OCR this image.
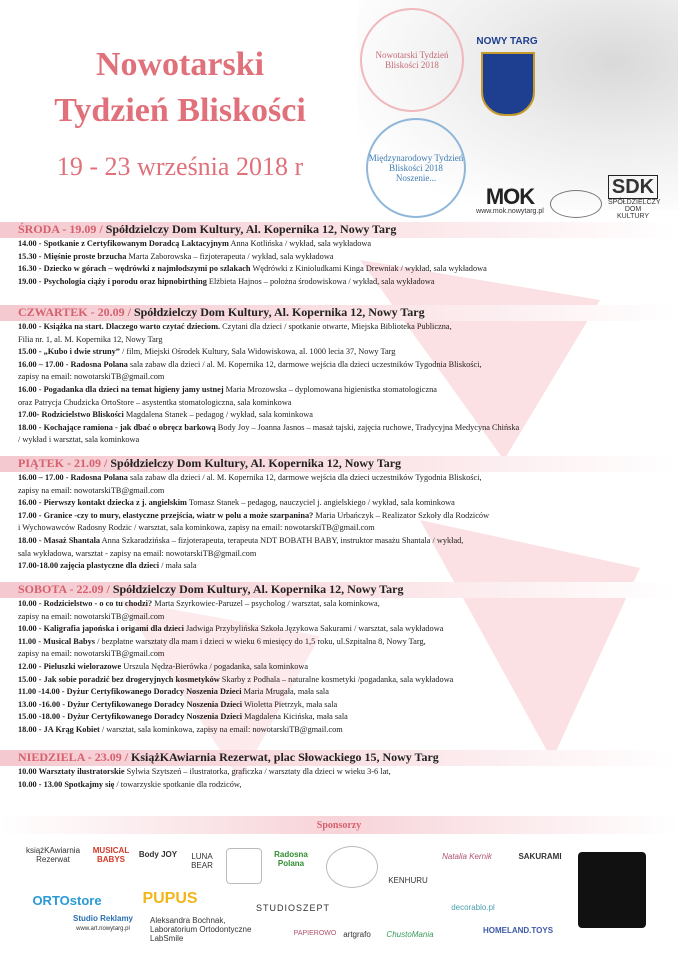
Nowotarski
Tydzień Bliskości
19 - 23 września 2018 r
Nowotarski Tydzień Bliskości 2018
Międzynarodowy Tydzień Bliskości 2018 Noszenie...
NOWY TARG
MOK
www.mok.nowytarg.pl
SDK
SPÓŁDZIELCZY DOM KULTURY
ŚRODA - 19.09 / Spółdzielczy Dom Kultury, Al. Kopernika 12, Nowy Targ
14.00 - Spotkanie z Certyfikowanym Doradcą Laktacyjnym Anna Kotlińska / wykład, sala wykładowa
15.30 - Mięśnie proste brzucha Marta Zaborowska – fizjoterapeuta / wykład, sala wykładowa
16.30 - Dziecko w górach – wędrówki z najmłodszymi po szlakach Wędrówki z Kinioludkami Kinga Drewniak / wykład, sala wykładowa
19.00 - Psychologia ciąży i porodu oraz hipnobirthing Elżbieta Hajnos – położna środowiskowa / wykład, sala wykładowa
CZWARTEK - 20.09 / Spółdzielczy Dom Kultury, Al. Kopernika 12, Nowy Targ
10.00 - Książka na start. Dlaczego warto czytać dzieciom. Czytani dla dzieci / spotkanie otwarte, Miejska Biblioteka Publiczna,
Filia nr. 1, al. M. Kopernika 12, Nowy Targ
15.00 - „Kubo i dwie struny” / film, Miejski Ośrodek Kultury, Sala Widowiskowa, al. 1000 lecia 37, Nowy Targ
16.00 – 17.00 - Radosna Polana sala zabaw dla dzieci / al. M. Kopernika 12, darmowe wejścia dla dzieci uczestników Tygodnia Bliskości,
zapisy na email: nowotarskiTB@gmail.com
16.00 - Pogadanka dla dzieci na temat higieny jamy ustnej Maria Mrozowska – dyplomowana higienistka stomatologiczna
oraz Patrycja Chudzicka OrtoStore – asystentka stomatologiczna, sala kominkowa
17.00- Rodzicielstwo Bliskości Magdalena Stanek – pedagog / wykład, sala kominkowa
18.00 - Kochające ramiona - jak dbać o obręcz barkową Body Joy – Joanna Jasnos – masaż tajski, zajęcia ruchowe, Tradycyjna Medycyna Chińska
/ wykład i warsztat, sala kominkowa
PIĄTEK - 21.09 / Spółdzielczy Dom Kultury, Al. Kopernika 12, Nowy Targ
16.00 – 17.00 - Radosna Polana sala zabaw dla dzieci / al. M. Kopernika 12, darmowe wejścia dla dzieci uczestników Tygodnia Bliskości,
zapisy na email: nowotarskiTB@gmail.com
16.00 - Pierwszy kontakt dziecka z j. angielskim Tomasz Stanek – pedagog, nauczyciel j. angielskiego / wykład, sala kominkowa
17.00 - Granice -czy to mury, elastyczne przejścia, wiatr w polu a może szarpanina? Maria Urbańczyk – Realizator Szkoły dla Rodziców
i Wychowawców Radosny Rodzic / warsztat, sala kominkowa, zapisy na email: nowotarskiTB@gmail.com
18.00 - Masaż Shantala Anna Szkaradzińska – fizjoterapeuta, terapeuta NDT BOBATH BABY, instruktor masażu Shantala / wykład,
sala wykładowa, warsztat - zapisy na email: nowotarskiTB@gmail.com
17.00-18.00 zajęcia plastyczne dla dzieci / mała sala
SOBOTA - 22.09 / Spółdzielczy Dom Kultury, Al. Kopernika 12, Nowy Targ
10.00 - Rodzicielstwo - o co tu chodzi? Marta Szyrkowiec-Paruzel – psycholog / warsztat, sala kominkowa,
zapisy na email: nowotarskiTB@gmail.com
10.00 - Kaligrafia japońska i origami dla dzieci Jadwiga Przybylińska Szkoła Językowa Sakurami / warsztat, sala wykładowa
11.00 - Musical Babys / bezpłatne warsztaty dla mam i dzieci w wieku 6 miesięcy do 1,5 roku, ul.Szpitalna 8, Nowy Targ,
zapisy na email: nowotarskiTB@gmail.com
12.00 - Pieluszki wielorazowe Urszula Nędza-Bierówka / pogadanka, sala kominkowa
15.00 - Jak sobie poradzić bez drogeryjnych kosmetyków Skarby z Podhala – naturalne kosmetyki /pogadanka, sala wykładowa
11.00 -14.00 - Dyżur Certyfikowanego Doradcy Noszenia Dzieci Maria Mrugała, mała sala
13.00 -16.00 - Dyżur Certyfikowanego Doradcy Noszenia Dzieci Wioletta Pietrzyk, mała sala
15.00 -18.00 - Dyżur Certyfikowanego Doradcy Noszenia Dzieci Magdalena Kicińska, mała sala
18.00 - JA Krąg Kobiet / warsztat, sala kominkowa, zapisy na email: nowotarskiTB@gmail.com
NIEDZIELA - 23.09 / KsiążKAwiarnia Rezerwat, plac Słowackiego 15, Nowy Targ
10.00 Warsztaty ilustratorskie Sylwia Szytszeń – ilustratorka, graficzka / warsztaty dla dzieci w wieku 3-6 lat,
10.00 - 13.00 Spotkajmy się / towarzyskie spotkanie dla rodziców,
Sponsorzy
książKAwiarnia Rezerwat
MUSICAL BABYS
Body JOY	LUNA BEAR
Radosna Polana
KENHURU
Natalia Kernik	SAKURAMI
ORTOstore	PUPUS
STUDIOSZEPT
artgrafo	ChustoMania
decorablo.pl
HOMELAND.TOYS
Studio Reklamy
www.art.nowytarg.pl
Aleksandra Bochnak,
Laboratorium Ortodontyczne
LabSmile
PAPIEROWO
